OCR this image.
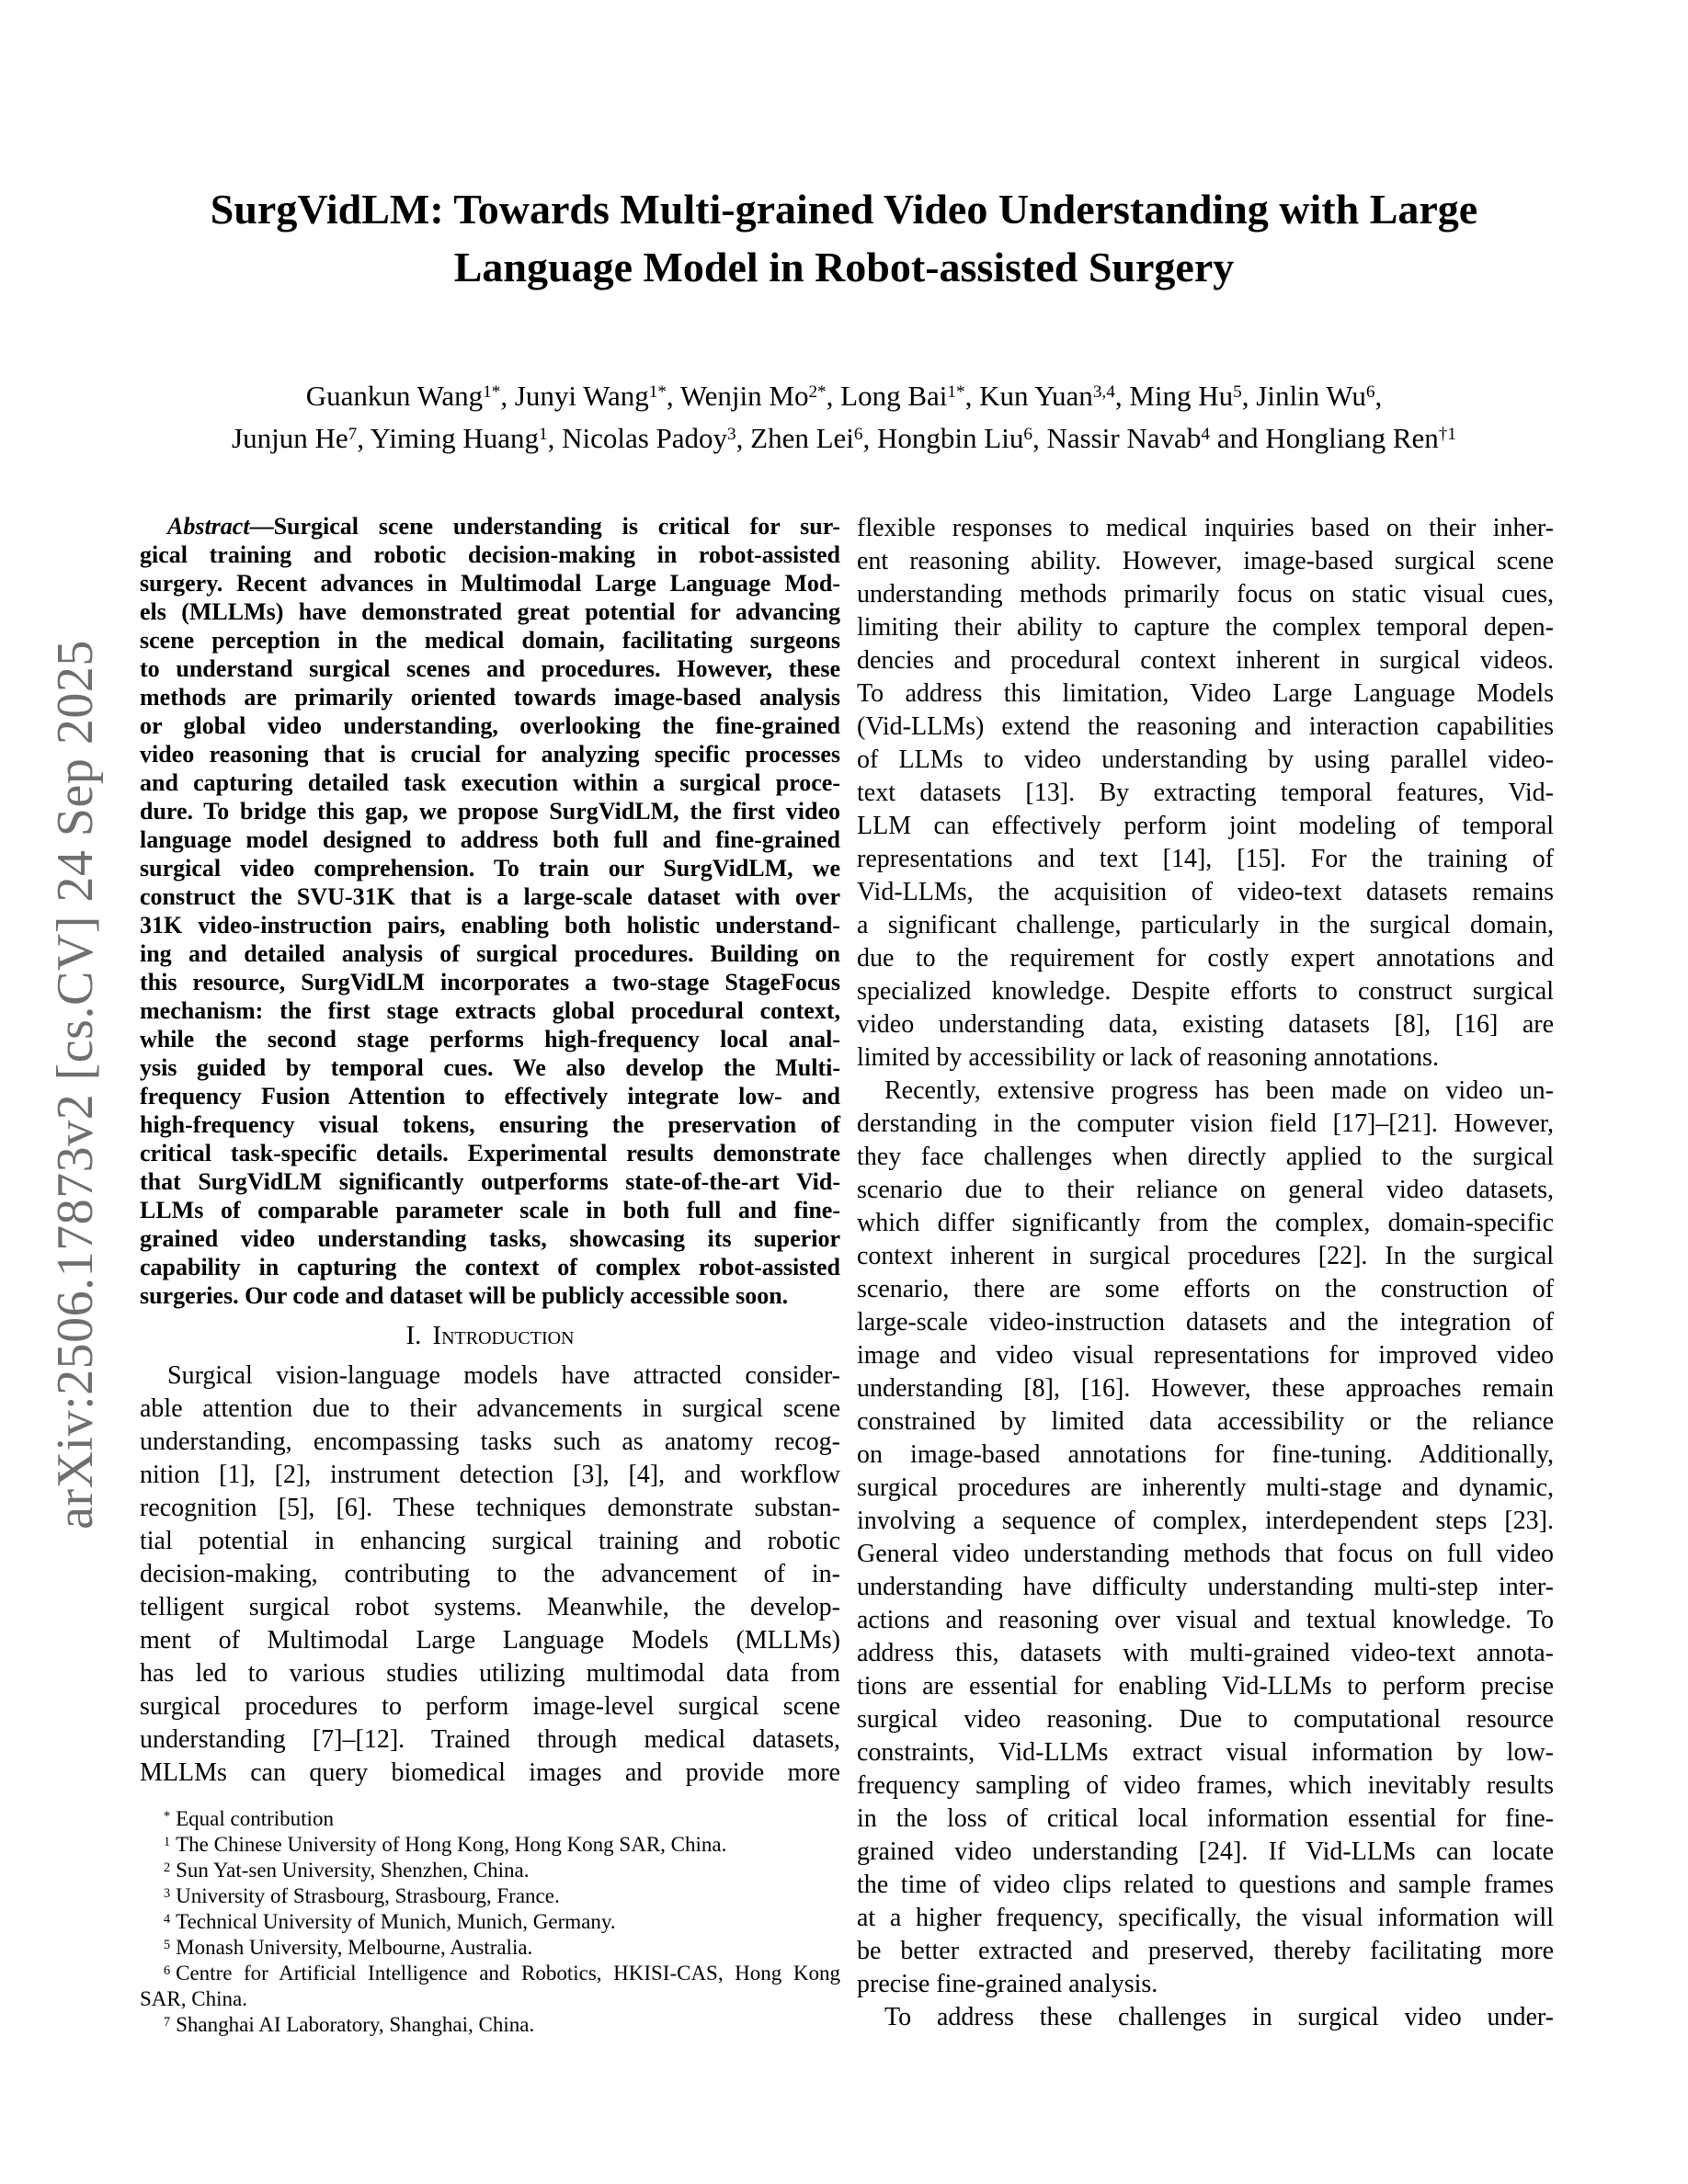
arXiv:2506.17873v2 [cs.CV] 24 Sep 2025
SurgVidLM: Towards Multi-grained Video Understanding with Large
Language Model in Robot-assisted Surgery
Guankun Wang$^{1*}$, Junyi Wang$^{1*}$, Wenjin $Mo^{2*}$, Long Bai$^{1*}$, Kun Yuan$^{3,4}$, Ming Hu$^5$, Jinlin Wu$^6$,
Junjun He$^7$, Yiming Huang$^1$, Nicolas Padoy$^3$, Zhen Lei$^6$, Hongbin Liu$^6$, Nassir Navab$^4$ and Hongliang Ren$^{\dagger 1}$
Abstract—Surgical scene understanding is critical for sur-
gical training and robotic decision-making in robot-assisted
surgery. Recent advances in Multimodal Large Language Mod-
els (MLLMs) have demonstrated great potential for advancing
scene perception in the medical domain, facilitating surgeons
to understand surgical scenes and procedures. However, these
methods are primarily oriented towards image-based analysis
or global video understanding, overlooking the fine-grained
video reasoning that is crucial for analyzing specific processes
and capturing detailed task execution within a surgical proce-
dure. To bridge this gap, we propose SurgVidLM, the first video
language model designed to address both full and fine-grained
surgical video comprehension. To train our SurgVidLM, we
construct the SVU-31K that is a large-scale dataset with over
31K video-instruction pairs, enabling both holistic understand-
ing and detailed analysis of surgical procedures. Building on
this resource, SurgVidLM incorporates a two-stage StageFocus
mechanism: the first stage extracts global procedural context,
while the second stage performs high-frequency local anal-
ysis guided by temporal cues. We also develop the Multi-
frequency Fusion Attention to effectively integrate low- and
high-frequency visual tokens, ensuring the preservation of
critical task-specific details. Experimental results demonstrate
that SurgVidLM significantly outperforms state-of-the-art Vid-
LLMs of comparable parameter scale in both full and fine-
grained video understanding tasks, showcasing its superior
capability in capturing the context of complex robot-assisted
surgeries. Our code and dataset will be publicly accessible soon.
I. Introduction
Surgical vision-language models have attracted consider-
able attention due to their advancements in surgical scene
understanding, encompassing tasks such as anatomy recog-
nition [1], [2], instrument detection [3], [4], and workflow
recognition [5], [6]. These techniques demonstrate substan-
tial potential in enhancing surgical training and robotic
decision-making, contributing to the advancement of in-
telligent surgical robot systems. Meanwhile, the develop-
ment of Multimodal Large Language Models (MLLMs)
has led to various studies utilizing multimodal data from
surgical procedures to perform image-level surgical scene
understanding [7]–[12]. Trained through medical datasets,
MLLMs can query biomedical images and provide more
* Equal contribution
$^1$ The Chinese University of Hong Kong, Hong Kong SAR, China.
$^2$ Sun Yat-sen University, Shenzhen, China.
$^3$ University of Strasbourg, Strasbourg, France.
$^4$ Technical University of Munich, Munich, Germany.
$^5$ Monash University, Melbourne, Australia.
$^6$ Centre for Artificial Intelligence and Robotics, HKISI-CAS, Hong Kong SAR, China.
$^7$ Shanghai AI Laboratory, Shanghai, China.
flexible responses to medical inquiries based on their inher-
ent reasoning ability. However, image-based surgical scene
understanding methods primarily focus on static visual cues,
limiting their ability to capture the complex temporal depen-
dencies and procedural context inherent in surgical videos.
To address this limitation, Video Large Language Models
(Vid-LLMs) extend the reasoning and interaction capabilities
of LLMs to video understanding by using parallel video-
text datasets [13]. By extracting temporal features, Vid-
LLM can effectively perform joint modeling of temporal
representations and text [14], [15]. For the training of
Vid-LLMs, the acquisition of video-text datasets remains
a significant challenge, particularly in the surgical domain,
due to the requirement for costly expert annotations and
specialized knowledge. Despite efforts to construct surgical
video understanding data, existing datasets [8], [16] are
limited by accessibility or lack of reasoning annotations.
Recently, extensive progress has been made on video un-
derstanding in the computer vision field [17]–[21]. However,
they face challenges when directly applied to the surgical
scenario due to their reliance on general video datasets,
which differ significantly from the complex, domain-specific
context inherent in surgical procedures [22]. In the surgical
scenario, there are some efforts on the construction of
large-scale video-instruction datasets and the integration of
image and video visual representations for improved video
understanding [8], [16]. However, these approaches remain
constrained by limited data accessibility or the reliance
on image-based annotations for fine-tuning. Additionally,
surgical procedures are inherently multi-stage and dynamic,
involving a sequence of complex, interdependent steps [23].
General video understanding methods that focus on full video
understanding have difficulty understanding multi-step inter-
actions and reasoning over visual and textual knowledge. To
address this, datasets with multi-grained video-text annota-
tions are essential for enabling Vid-LLMs to perform precise
surgical video reasoning. Due to computational resource
constraints, Vid-LLMs extract visual information by low-
frequency sampling of video frames, which inevitably results
in the loss of critical local information essential for fine-
grained video understanding [24]. If Vid-LLMs can locate
the time of video clips related to questions and sample frames
at a higher frequency, specifically, the visual information will
be better extracted and preserved, thereby facilitating more
precise fine-grained analysis.
To address these challenges in surgical video under-
